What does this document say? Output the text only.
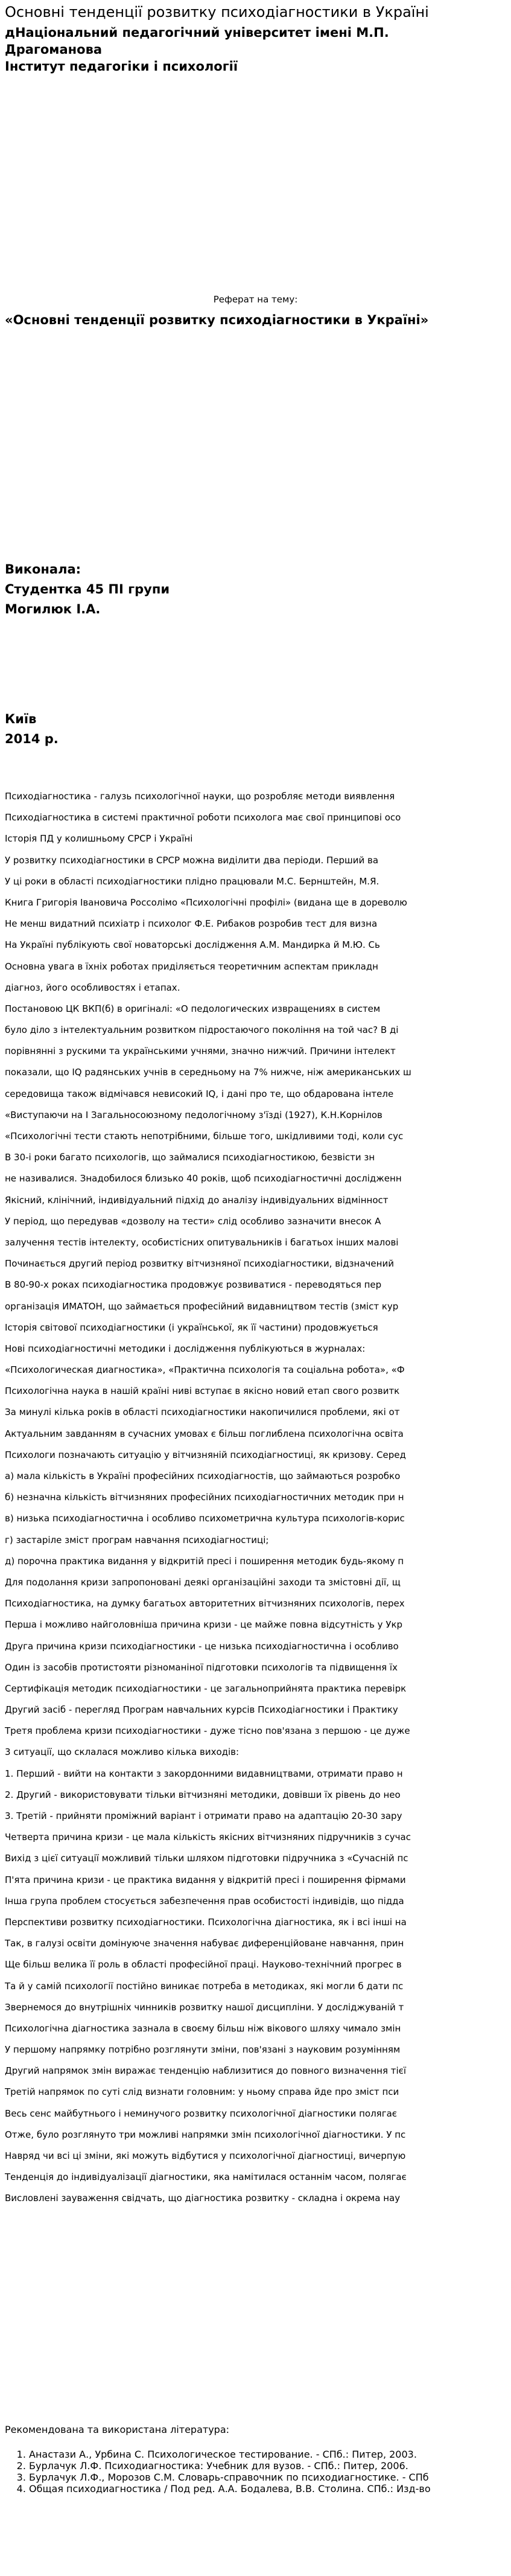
Основні тенденції розвитку психодіагностики в Україні
дНаціональний педагогічний університет імені М.П.
Драгоманова
Інститут педагогіки і психології
Реферат на тему:
«Основні тенденції розвитку психодіагностики в Україні»
Виконала:
Студентка 45 ПІ групи
Могилюк І.А.
Київ
2014 р.
Психодіагностика - галузь психологічної науки, що розробляє методи виявлення
Психодіагностика в системі практичної роботи психолога має свої принципові осо
Історія ПД у колишньому СРСР і Україні
У розвитку психодіагностики в СРСР можна виділити два періоди. Перший ва
У ці роки в області психодіагностики плідно працювали М.С. Бернштейн, М.Я.
Книга Григорія Івановича Россолімо «Психологічні профілі» (видана ще в дореволю
Не менш видатний психіатр і психолог Ф.Е. Рибаков розробив тест для визна
На Україні публікують свої новаторські дослідження А.М. Мандирка й М.Ю. Сь
Основна увага в їхніх роботах приділяється теоретичним аспектам прикладн
діагноз, його особливостях і етапах.
Постановою ЦК ВКП(б) в оригіналі: «О педологических извращениях в систем
було ділo з інтелектуальним розвитком підростаючого покоління на той час? В ді
порівнянні з рускими та українськими учнями, значно нижчий. Причини інтелект
показали, що IQ радянських учнів в середньому на 7% нижче, ніж американських ш
середовища також відмічався невисокий IQ, і дані про те, що обдарована інтеле
«Виступаючи на I Загальносоюзному педологічному з'їзді (1927), К.Н.Корнілов
«Психологічні тести стають непотрібними, більше того, шкідливими тоді, коли сус
В 30-і роки багато психологів, що займалися психодіагностикою, безвісти зн
не називалися. Знадобилося близько 40 років, щоб психодіагностичні дослідженн
Якісний, клінічний, індивідуальний підхід до аналізу індивідуальних відмінност
У період, що передував «дозволу на тести» слід особливо зазначити внесок А
залучення тестів інтелекту, особистісних опитувальників і багатьох інших малові
Починається другий період розвитку вітчизняної психодіагностики, відзначений
В 80-90-х роках психодіагностика продовжує розвиватися - переводяться пер
організація ИМАТОН, що займається професійний видавництвом тестів (зміст кур
Історія світової психодіагностики (і української, як її частини) продовжується
Нові психодіагностичні методики і дослідження публікуються в журналах:
«Психологическая диагностика», «Практична психологія та соціальна робота», «Ф
Психологічна наука в нашій країні ниві вступає в якісно новий етап свого розвитк
За минулі кілька років в області психодіагностики накопичилися проблеми, які от
Актуальним завданням в сучасних умовах є більш поглиблена психологічна освіта
Психологи позначають ситуацію у вітчизняній психодіагностиці, як кризову. Серед
а) мала кількість в Україні професійних психодіагностів, що займаються розробко
б) незначна кількість вітчизняних професійних психодіагностичних методик при н
в) низька психодіагностична і особливо психометрична культура психологів-корис
г) застаріле зміст програм навчання психодіагностиці;
д) порочна практика видання у відкритій пресі і поширення методик будь-якому п
Для подолання кризи запропоновані деякі організаційні заходи та змістовні дії, щ
Психодіагностика, на думку багатьох авторитетних вітчизняних психологів, перех
Перша і можливо найголовніша причина кризи - це майже повна відсутність у Укр
Друга причина кризи психодіагностики - це низька психодіагностична і особливо
Один із засобів протистояти різноманіної підготовки психологів та підвищення їх
Сертифікація методик психодіагностики - це загальноприйнята практика перевірк
Другий засіб - перегляд Програм навчальних курсів Психодіагностики і Практику
Третя проблема кризи психодіагностики - дуже тісно пов'язана з першою - це дуже
3 ситуації, що склалася можливо кілька виходів:
1. Перший - вийти на контакти з закордонними видавництвами, отримати право н
2. Другий - використовувати тільки вітчизняні методики, довівши їх рівень до нео
3. Третій - прийняти проміжний варіант і отримати право на адаптацію 20-30 зару
Четверта причина кризи - це мала кількість якісних вітчизняних підручників з сучас
Вихід з цієї ситуації можливий тільки шляхом підготовки підручника з «Сучасній пс
П'ята причина кризи - це практика видання у відкритій пресі і поширення фірмами
Інша група проблем стосується забезпечення прав особистості індивідів, що підда
Перспективи розвитку психодіагностики. Психологічна діагностика, як і всі інші на
Так, в галузі освіти домінуючe значення набуває диференційоване навчання, прин
Ще більш велика її роль в області професійної праці. Науково-технічний прогрес в
Та й у самій психології постійно виникає потреба в методиках, які могли б дати пс
Звернемося до внутрішніх чинників розвитку нашої дисципліни. У досліджуваній т
Психологічна діагностика зазнала в своєму більш ніж вікового шляху чимало змін
У першому напрямку потрібно розглянути зміни, пов'язані з науковим розумінням
Другий напрямок змін виражає тенденцію наблизитися до повного визначення тієї
Третій напрямок по суті слід визнати головним: у ньому справа йде про зміст пси
Весь сенс майбутнього і неминучого розвитку психологічної діагностики полягає
Отже, було розглянуто три можливі напрямки змін психологічної діагностики. У пс
Навряд чи всі ці зміни, які можуть відбутися у психологічної діагностиці, вичерпую
Тенденція до індивідуалізації діагностики, яка намітилася останнім часом, полягає
Висловлені зауваження свідчать, що діагностика розвитку - складна і окрема нау
Рекомендована та використана література:
1. Анастази А., Урбина С. Психологическое тестирование. - СПб.: Питер, 2003.
2. Бурлачук Л.Ф. Психодиагностика: Учебник для вузов. - СПб.: Питер, 2006.
3. Бурлачук Л.Ф., Морозов С.М. Словарь-справочник по психодиагностике. - СПб
4. Общая психодиагностика / Под ред. А.А. Бодалева, В.В. Столина. СПб.: Изд-во
